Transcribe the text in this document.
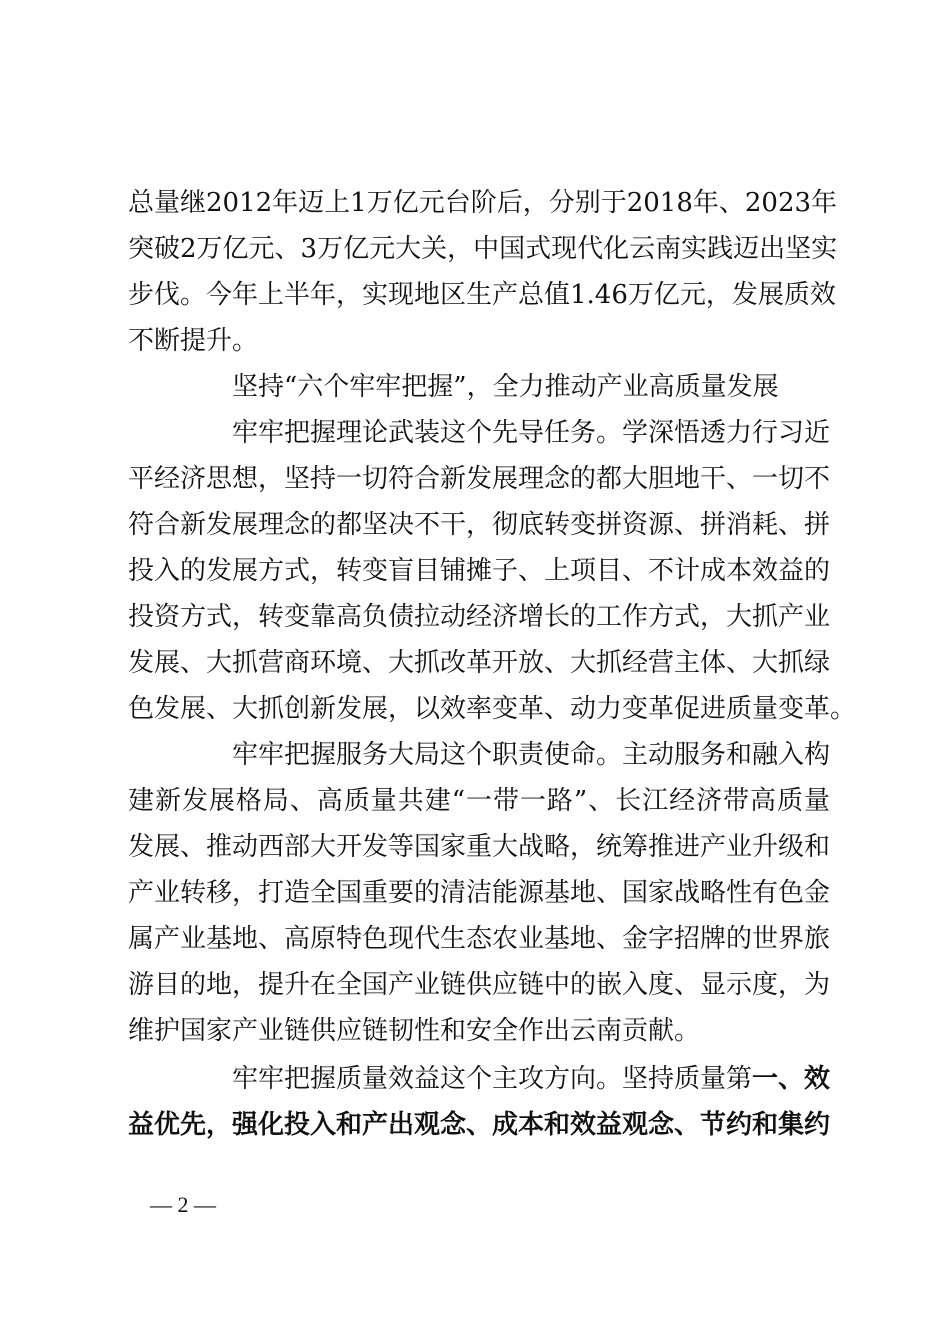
总量继2012年迈上1万亿元台阶后，分别于2018年、2023年
突破2万亿元、3万亿元大关，中国式现代化云南实践迈出坚实
步伐。今年上半年，实现地区生产总值1.46万亿元，发展质效
不断提升。
坚持“六个牢牢把握”，全力推动产业高质量发展
牢牢把握理论武装这个先导任务。学深悟透力行习近
平经济思想，坚持一切符合新发展理念的都大胆地干、一切不
符合新发展理念的都坚决不干，彻底转变拼资源、拼消耗、拼
投入的发展方式，转变盲目铺摊子、上项目、不计成本效益的
投资方式，转变靠高负债拉动经济增长的工作方式，大抓产业
发展、大抓营商环境、大抓改革开放、大抓经营主体、大抓绿
色发展、大抓创新发展，以效率变革、动力变革促进质量变革。
牢牢把握服务大局这个职责使命。主动服务和融入构
建新发展格局、高质量共建“一带一路”、长江经济带高质量
发展、推动西部大开发等国家重大战略，统筹推进产业升级和
产业转移，打造全国重要的清洁能源基地、国家战略性有色金
属产业基地、高原特色现代生态农业基地、金字招牌的世界旅
游目的地，提升在全国产业链供应链中的嵌入度、显示度，为
维护国家产业链供应链韧性和安全作出云南贡献。
牢牢把握质量效益这个主攻方向。坚持质量第一、效
益优先，强化投入和产出观念、成本和效益观念、节约和集约
— 2 —
